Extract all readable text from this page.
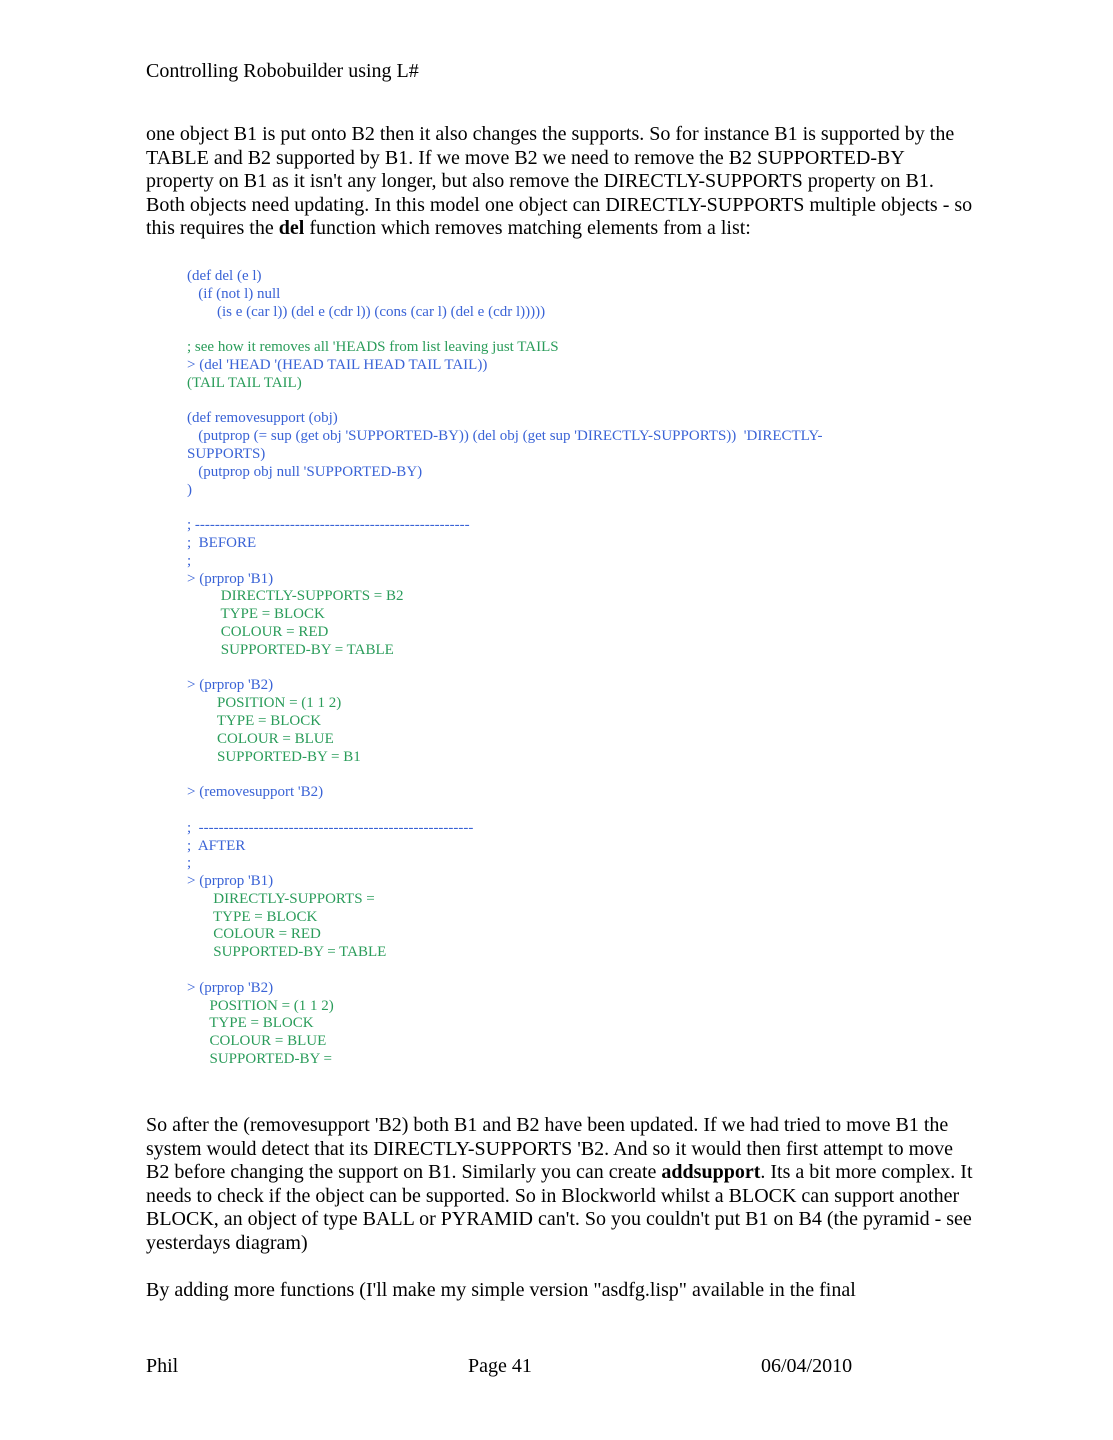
Controlling Robobuilder using L#

one object B1 is put onto B2 then it also changes the supports. So for instance B1 is supported by the TABLE and B2 supported by B1. If we move B2 we need to remove the B2 SUPPORTED-BY property on B1 as it isn't any longer, but also remove the DIRECTLY-SUPPORTS property on B1. Both objects need updating. In this model one object can DIRECTLY-SUPPORTS multiple objects - so this requires the del function which removes matching elements from a list:

(def del (e l)
(if (not l) null
(is e (car l)) (del e (cdr l)) (cons (car l) (del e (cdr l)))))
; see how it removes all 'HEADS from list leaving just TAILS
> (del 'HEAD '(HEAD TAIL HEAD TAIL TAIL))
(TAIL TAIL TAIL)
(def removesupport (obj)
(putprop (= sup (get obj 'SUPPORTED-BY)) (del obj (get sup 'DIRECTLY-SUPPORTS))  'DIRECTLY-
SUPPORTS)
(putprop obj null 'SUPPORTED-BY)
)
; -------------------------------------------------------
;  BEFORE
;
> (prprop 'B1)
DIRECTLY-SUPPORTS = B2
TYPE = BLOCK
COLOUR = RED
SUPPORTED-BY = TABLE
> (prprop 'B2)
POSITION = (1 1 2)
TYPE = BLOCK
COLOUR = BLUE
SUPPORTED-BY = B1
> (removesupport 'B2)
;  -------------------------------------------------------
;  AFTER
;
> (prprop 'B1)
DIRECTLY-SUPPORTS =
TYPE = BLOCK
COLOUR = RED
SUPPORTED-BY = TABLE
> (prprop 'B2)
POSITION = (1 1 2)
TYPE = BLOCK
COLOUR = BLUE
SUPPORTED-BY =

So after the (removesupport 'B2) both B1 and B2 have been updated. If we had tried to move B1 the system would detect that its DIRECTLY-SUPPORTS 'B2. And so it would then first attempt to move B2 before changing the support on B1. Similarly you can create addsupport. Its a bit more complex. It needs to check if the object can be supported. So in Blockworld whilst a BLOCK can support another BLOCK, an object of type BALL or PYRAMID can't. So you couldn't put B1 on B4 (the pyramid - see yesterdays diagram)

By adding more functions (I'll make my simple version "asdfg.lisp" available in the final

Phil	Page 41	06/04/2010
